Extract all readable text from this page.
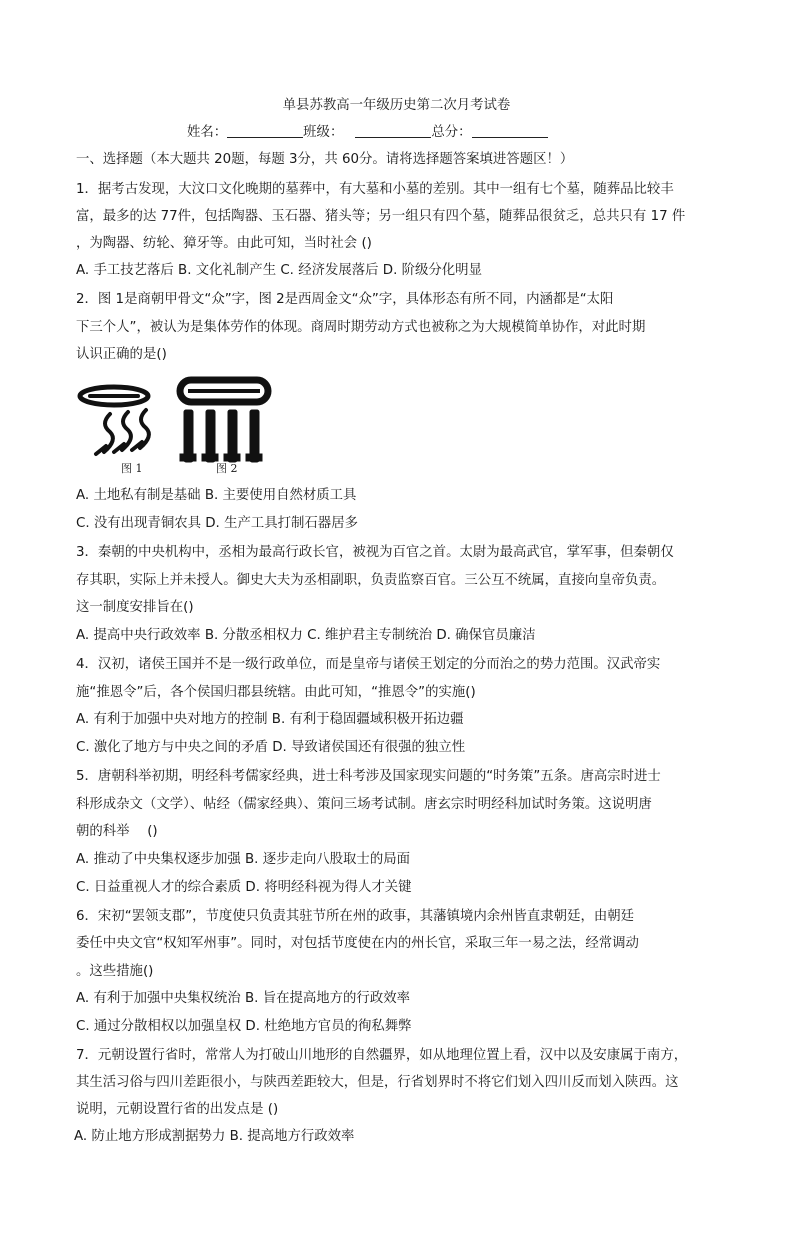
单县苏教高一年级历史第二次月考试卷
姓名：	班级：	总分：
一、选择题（本大题共 20题，每题 3分，共 60分。请将选择题答案填进答题区！）
1．据考古发现，大汶口文化晚期的墓葬中，有大墓和小墓的差别。其中一组有七个墓，随葬品比较丰
富，最多的达 77件，包括陶器、玉石器、猪头等；另一组只有四个墓，随葬品很贫乏，总共只有 17 件
，为陶器、纺轮、獐牙等。由此可知，当时社会 ()
A. 手工技艺落后 B. 文化礼制产生 C. 经济发展落后 D. 阶级分化明显
2．图 1是商朝甲骨文“众”字，图 2是西周金文“众”字，具体形态有所不同，内涵都是“太阳
下三个人”，被认为是集体劳作的体现。商周时期劳动方式也被称之为大规模简单协作，对此时期
认识正确的是()
图 1	图 2
A. 土地私有制是基础 B. 主要使用自然材质工具
C. 没有出现青铜农具 D. 生产工具打制石器居多
3．秦朝的中央机构中，丞相为最高行政长官，被视为百官之首。太尉为最高武官，掌军事，但秦朝仅
存其职，实际上并未授人。御史大夫为丞相副职，负责监察百官。三公互不统属，直接向皇帝负责。
这一制度安排旨在()
A. 提高中央行政效率 B. 分散丞相权力 C. 维护君主专制统治 D. 确保官员廉洁
4．汉初，诸侯王国并不是一级行政单位，而是皇帝与诸侯王划定的分而治之的势力范围。汉武帝实
施“推恩令”后，各个侯国归郡县统辖。由此可知，“推恩令”的实施()
A. 有利于加强中央对地方的控制 B. 有利于稳固疆域积极开拓边疆
C. 激化了地方与中央之间的矛盾 D. 导致诸侯国还有很强的独立性
5．唐朝科举初期，明经科考儒家经典，进士科考涉及国家现实问题的“时务策”五条。唐高宗时进士
科形成杂文（文学）、帖经（儒家经典）、策问三场考试制。唐玄宗时明经科加试时务策。这说明唐
朝的科举 　()
A. 推动了中央集权逐步加强 B. 逐步走向八股取士的局面
C. 日益重视人才的综合素质 D. 将明经科视为得人才关键
6．宋初“罢领支郡”，节度使只负责其驻节所在州的政事，其藩镇境内余州皆直隶朝廷，由朝廷
委任中央文官“权知军州事”。同时，对包括节度使在内的州长官，采取三年一易之法，经常调动
。这些措施()
A. 有利于加强中央集权统治 B. 旨在提高地方的行政效率
C. 通过分散相权以加强皇权 D. 杜绝地方官员的徇私舞弊
7．元朝设置行省时，常常人为打破山川地形的自然疆界，如从地理位置上看，汉中以及安康属于南方，
其生活习俗与四川差距很小，与陕西差距较大，但是，行省划界时不将它们划入四川反而划入陕西。这
说明，元朝设置行省的出发点是 ()
A. 防止地方形成割据势力 B. 提高地方行政效率
